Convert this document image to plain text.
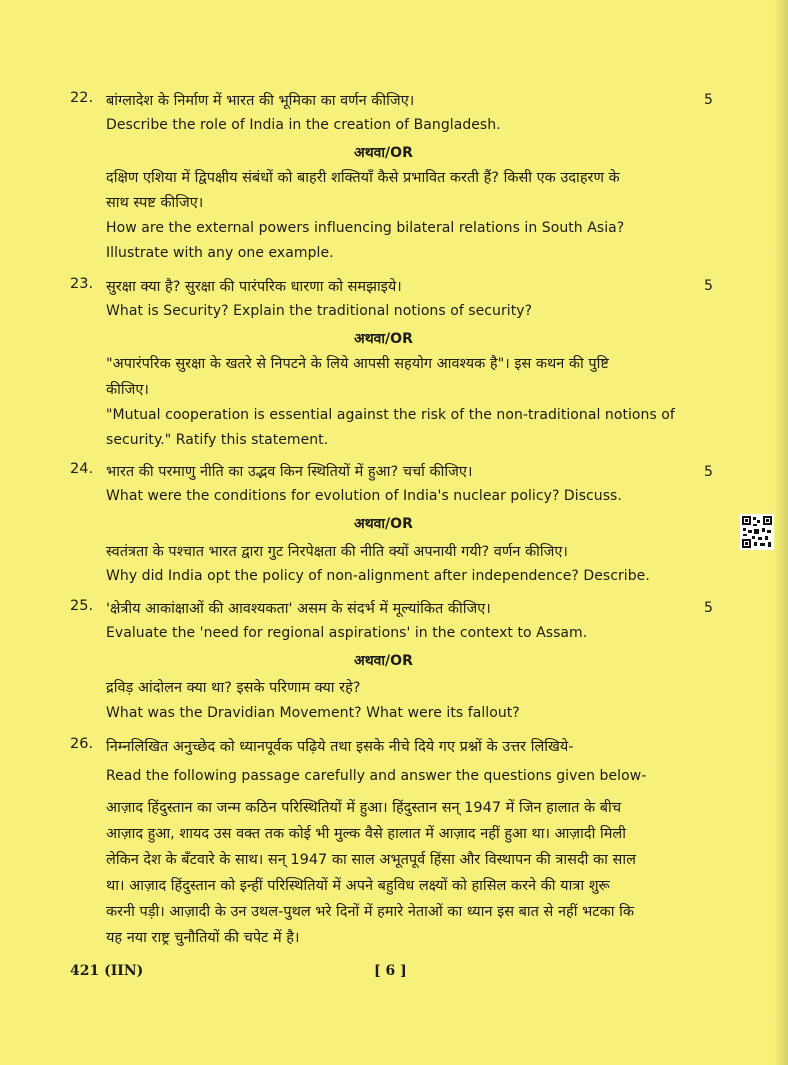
22. बांग्लादेश के निर्माण में भारत की भूमिका का वर्णन कीजिए।	5
Describe the role of India in the creation of Bangladesh.
अथवा/OR
दक्षिण एशिया में द्विपक्षीय संबंधों को बाहरी शक्तियाँ कैसे प्रभावित करती हैं? किसी एक उदाहरण के
साथ स्पष्ट कीजिए।
How are the external powers influencing bilateral relations in South Asia?
Illustrate with any one example.
23. सुरक्षा क्या है? सुरक्षा की पारंपरिक धारणा को समझाइये।	5
What is Security? Explain the traditional notions of security?
अथवा/OR
"अपारंपरिक सुरक्षा के खतरे से निपटने के लिये आपसी सहयोग आवश्यक है"। इस कथन की पुष्टि
कीजिए।
"Mutual cooperation is essential against the risk of the non-traditional notions of
security." Ratify this statement.
24. भारत की परमाणु नीति का उद्भव किन स्थितियों में हुआ? चर्चा कीजिए।	5
What were the conditions for evolution of India's nuclear policy? Discuss.
अथवा/OR
स्वतंत्रता के पश्चात भारत द्वारा गुट निरपेक्षता की नीति क्यों अपनायी गयी? वर्णन कीजिए।
Why did India opt the policy of non-alignment after independence? Describe.
25. 'क्षेत्रीय आकांक्षाओं की आवश्यकता' असम के संदर्भ में मूल्यांकित कीजिए।	5
Evaluate the 'need for regional aspirations' in the context to Assam.
अथवा/OR
द्रविड़ आंदोलन क्या था? इसके परिणाम क्या रहे?
What was the Dravidian Movement? What were its fallout?
26. निम्नलिखित अनुच्छेद को ध्यानपूर्वक पढ़िये तथा इसके नीचे दिये गए प्रश्नों के उत्तर लिखिये-
Read the following passage carefully and answer the questions given below-
आज़ाद हिंदुस्तान का जन्म कठिन परिस्थितियों में हुआ। हिंदुस्तान सन् 1947 में जिन हालात के बीच
आज़ाद हुआ, शायद उस वक्त तक कोई भी मुल्क वैसे हालात में आज़ाद नहीं हुआ था। आज़ादी मिली
लेकिन देश के बँटवारे के साथ। सन् 1947 का साल अभूतपूर्व हिंसा और विस्थापन की त्रासदी का साल
था। आज़ाद हिंदुस्तान को इन्हीं परिस्थितियों में अपने बहुविध लक्ष्यों को हासिल करने की यात्रा शुरू
करनी पड़ी। आज़ादी के उन उथल-पुथल भरे दिनों में हमारे नेताओं का ध्यान इस बात से नहीं भटका कि
यह नया राष्ट्र चुनौतियों की चपेट में है।
421 (IIN)	[ 6 ]
